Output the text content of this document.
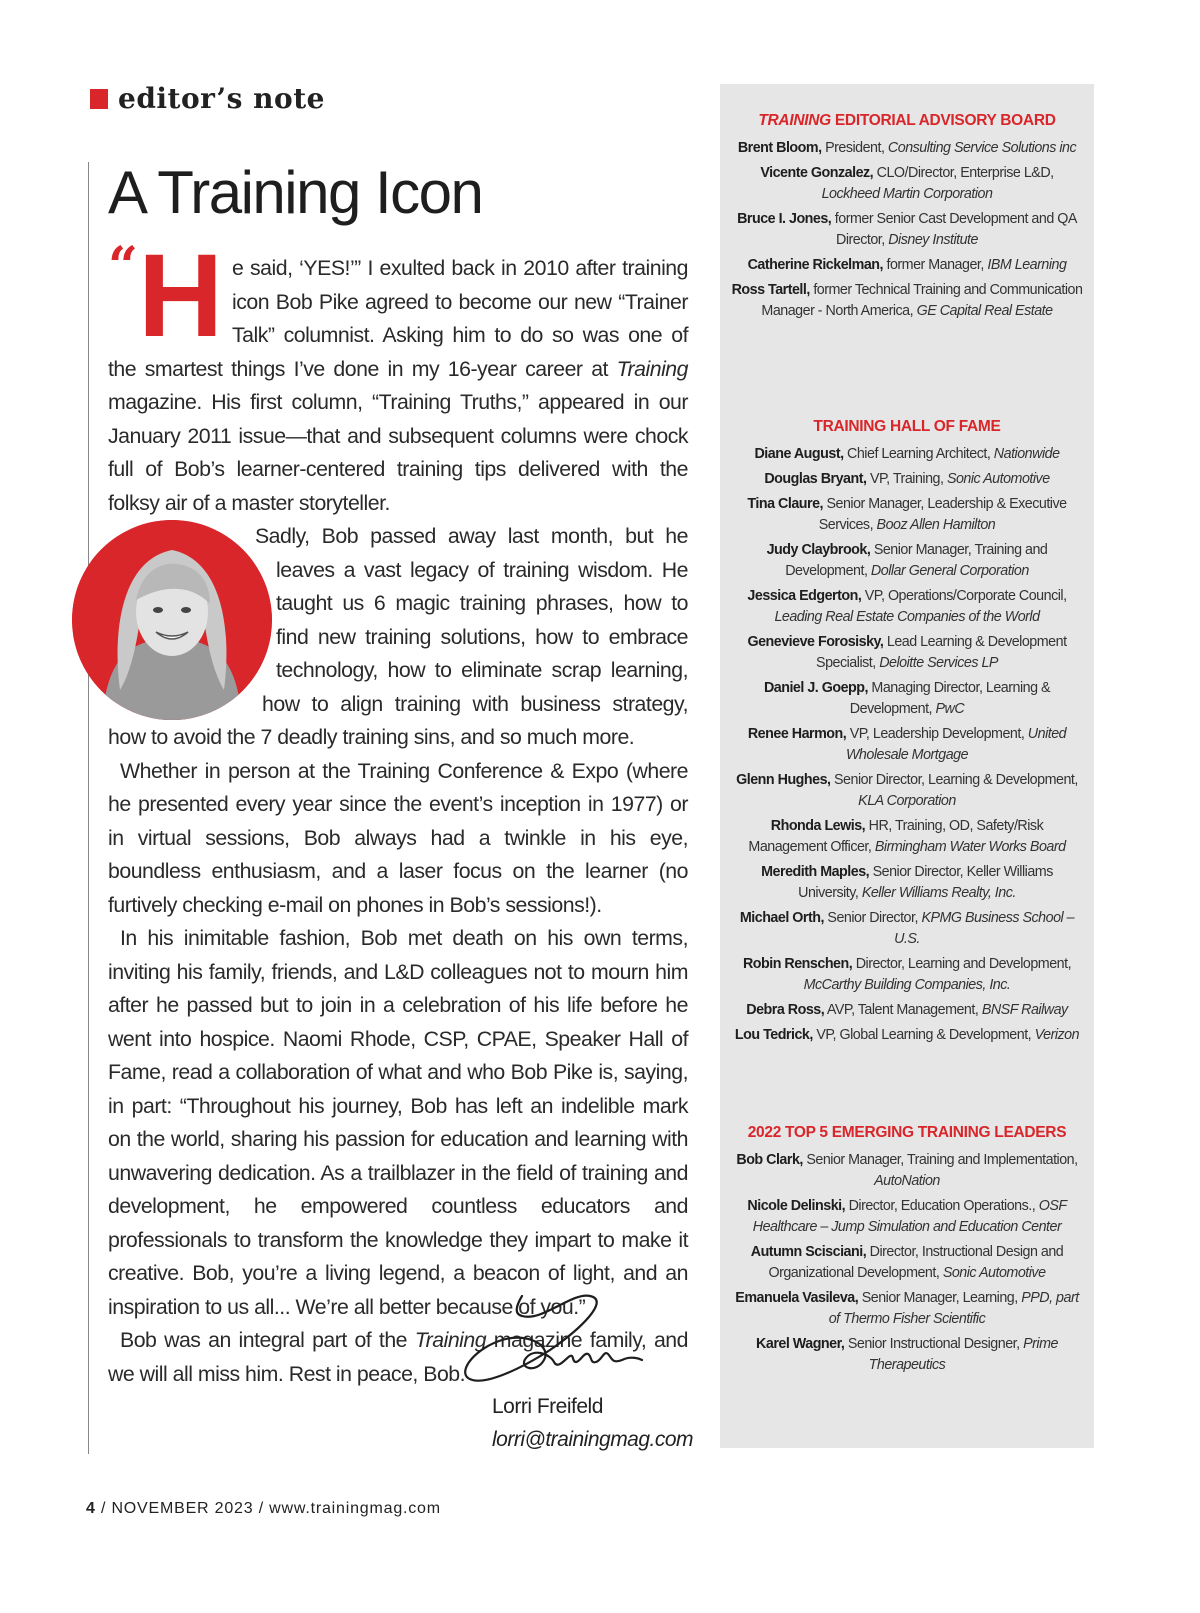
editor’s note
A Training Icon

“ H e said, ‘YES!’” I exulted back in 2010 after training icon Bob Pike agreed to become our new “Trainer Talk” columnist. Asking him to do so was one of the smartest things I’ve done in my 16-year career at Training magazine. His first column, “Training Truths,” appeared in our January 2011 issue—that and subsequent columns were chock full of Bob’s learner-centered training tips delivered with the folksy air of a master storyteller.

Sadly, Bob passed away last month, but he leaves a vast legacy of training wisdom. He taught us 6 magic training phrases, how to find new training solutions, how to embrace technology, how to eliminate scrap learning, how to align training with business strategy, how to avoid the 7 deadly training sins, and so much more.

Whether in person at the Training Conference & Expo (where he presented every year since the event’s inception in 1977) or in virtual sessions, Bob always had a twinkle in his eye, boundless enthusiasm, and a laser focus on the learner (no furtively checking e-mail on phones in Bob’s sessions!).

In his inimitable fashion, Bob met death on his own terms, inviting his family, friends, and L&D colleagues not to mourn him after he passed but to join in a celebration of his life before he went into hospice. Naomi Rhode, CSP, CPAE, Speaker Hall of Fame, read a collaboration of what and who Bob Pike is, saying, in part: “Throughout his journey, Bob has left an indelible mark on the world, sharing his passion for education and learning with unwavering dedication. As a trailblazer in the field of training and development, he empowered countless educators and professionals to transform the knowledge they impart to make it creative. Bob, you’re a living legend, a beacon of light, and an inspiration to us all... We’re all better because of you.”

Bob was an integral part of the Training magazine family, and we will all miss him. Rest in peace, Bob.

Lorri Freifeld
lorri@trainingmag.com
4 / NOVEMBER 2023 / www.trainingmag.com
TRAINING EDITORIAL ADVISORY BOARD
Brent Bloom, President, Consulting Service Solutions inc
Vicente Gonzalez, CLO/Director, Enterprise L&D, Lockheed Martin Corporation
Bruce I. Jones, former Senior Cast Development and QA Director, Disney Institute
Catherine Rickelman, former Manager, IBM Learning
Ross Tartell, former Technical Training and Communication Manager - North America, GE Capital Real Estate
TRAINING HALL OF FAME
Diane August, Chief Learning Architect, Nationwide
Douglas Bryant, VP, Training, Sonic Automotive
Tina Claure, Senior Manager, Leadership & Executive Services, Booz Allen Hamilton
Judy Claybrook, Senior Manager, Training and Development, Dollar General Corporation
Jessica Edgerton, VP, Operations/Corporate Council, Leading Real Estate Companies of the World
Genevieve Forosisky, Lead Learning & Development Specialist, Deloitte Services LP
Daniel J. Goepp, Managing Director, Learning & Development, PwC
Renee Harmon, VP, Leadership Development, United Wholesale Mortgage
Glenn Hughes, Senior Director, Learning & Development, KLA Corporation
Rhonda Lewis, HR, Training, OD, Safety/Risk Management Officer, Birmingham Water Works Board
Meredith Maples, Senior Director, Keller Williams University, Keller Williams Realty, Inc.
Michael Orth, Senior Director, KPMG Business School – U.S.
Robin Renschen, Director, Learning and Development, McCarthy Building Companies, Inc.
Debra Ross, AVP, Talent Management, BNSF Railway
Lou Tedrick, VP, Global Learning & Development, Verizon
2022 TOP 5 EMERGING TRAINING LEADERS
Bob Clark, Senior Manager, Training and Implementation, AutoNation
Nicole Delinski, Director, Education Operations., OSF Healthcare – Jump Simulation and Education Center
Autumn Scisciani, Director, Instructional Design and Organizational Development, Sonic Automotive
Emanuela Vasileva, Senior Manager, Learning, PPD, part of Thermo Fisher Scientific
Karel Wagner, Senior Instructional Designer, Prime Therapeutics
